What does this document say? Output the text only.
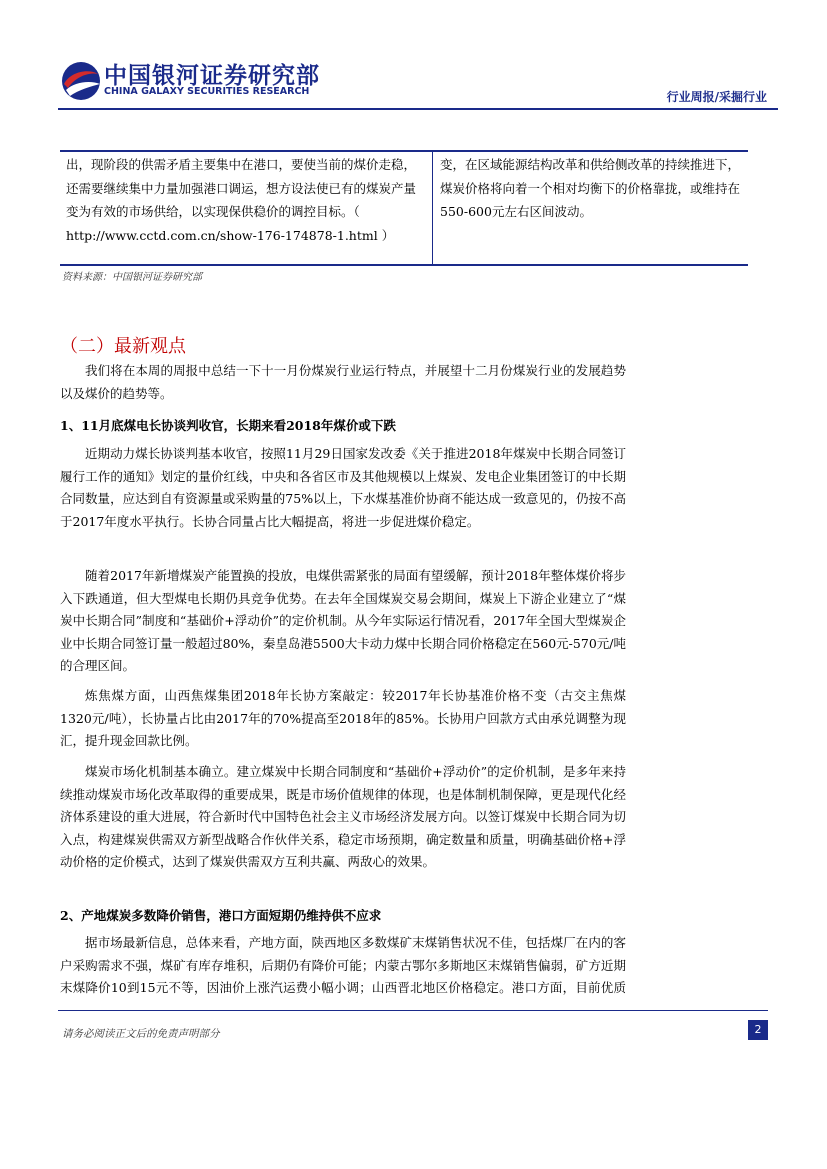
中国银河证券研究部
CHINA GALAXY SECURITIES RESEARCH	行业周报/采掘行业
出，现阶段的供需矛盾主要集中在港口，要使当前的煤价走稳，还需要继续集中力量加强港口调运，想方设法使已有的煤炭产量变为有效的市场供给，以实现保供稳价的调控目标。（ http://www.cctd.com.cn/show-176-174878-1.html ）
变，在区域能源结构改革和供给侧改革的持续推进下，煤炭价格将向着一个相对均衡下的价格靠拢，或维持在550-600元左右区间波动。
资料来源：中国银河证券研究部
（二）最新观点
我们将在本周的周报中总结一下十一月份煤炭行业运行特点，并展望十二月份煤炭行业的发展趋势以及煤价的趋势等。
1、11月底煤电长协谈判收官，长期来看2018年煤价或下跌
近期动力煤长协谈判基本收官，按照11月29日国家发改委《关于推进2018年煤炭中长期合同签订履行工作的通知》划定的量价红线，中央和各省区市及其他规模以上煤炭、发电企业集团签订的中长期合同数量，应达到自有资源量或采购量的75%以上，下水煤基准价协商不能达成一致意见的，仍按不高于2017年度水平执行。长协合同量占比大幅提高，将进一步促进煤价稳定。
随着2017年新增煤炭产能置换的投放，电煤供需紧张的局面有望缓解，预计2018年整体煤价将步入下跌通道，但大型煤电长期仍具竞争优势。在去年全国煤炭交易会期间，煤炭上下游企业建立了“煤炭中长期合同”制度和“基础价+浮动价”的定价机制。从今年实际运行情况看，2017年全国大型煤炭企业中长期合同签订量一般超过80%，秦皇岛港5500大卡动力煤中长期合同价格稳定在560元-570元/吨的合理区间。
炼焦煤方面，山西焦煤集团2018年长协方案敲定：较2017年长协基准价格不变（古交主焦煤1320元/吨），长协量占比由2017年的70%提高至2018年的85%。长协用户回款方式由承兑调整为现汇，提升现金回款比例。
煤炭市场化机制基本确立。建立煤炭中长期合同制度和“基础价+浮动价”的定价机制，是多年来持续推动煤炭市场化改革取得的重要成果，既是市场价值规律的体现，也是体制机制保障，更是现代化经济体系建设的重大进展，符合新时代中国特色社会主义市场经济发展方向。以签订煤炭中长期合同为切入点，构建煤炭供需双方新型战略合作伙伴关系，稳定市场预期，确定数量和质量，明确基础价格+浮动价格的定价模式，达到了煤炭供需双方互利共赢、两敌心的效果。
2、产地煤炭多数降价销售，港口方面短期仍维持供不应求
据市场最新信息，总体来看，产地方面，陕西地区多数煤矿末煤销售状况不佳，包括煤厂在内的客户采购需求不强，煤矿有库存堆积，后期仍有降价可能；内蒙古鄂尔多斯地区末煤销售偏弱，矿方近期末煤降价10到15元不等，因油价上涨汽运费小幅小调；山西晋北地区价格稳定。港口方面，目前优质
请务必阅读正文后的免责声明部分	2
